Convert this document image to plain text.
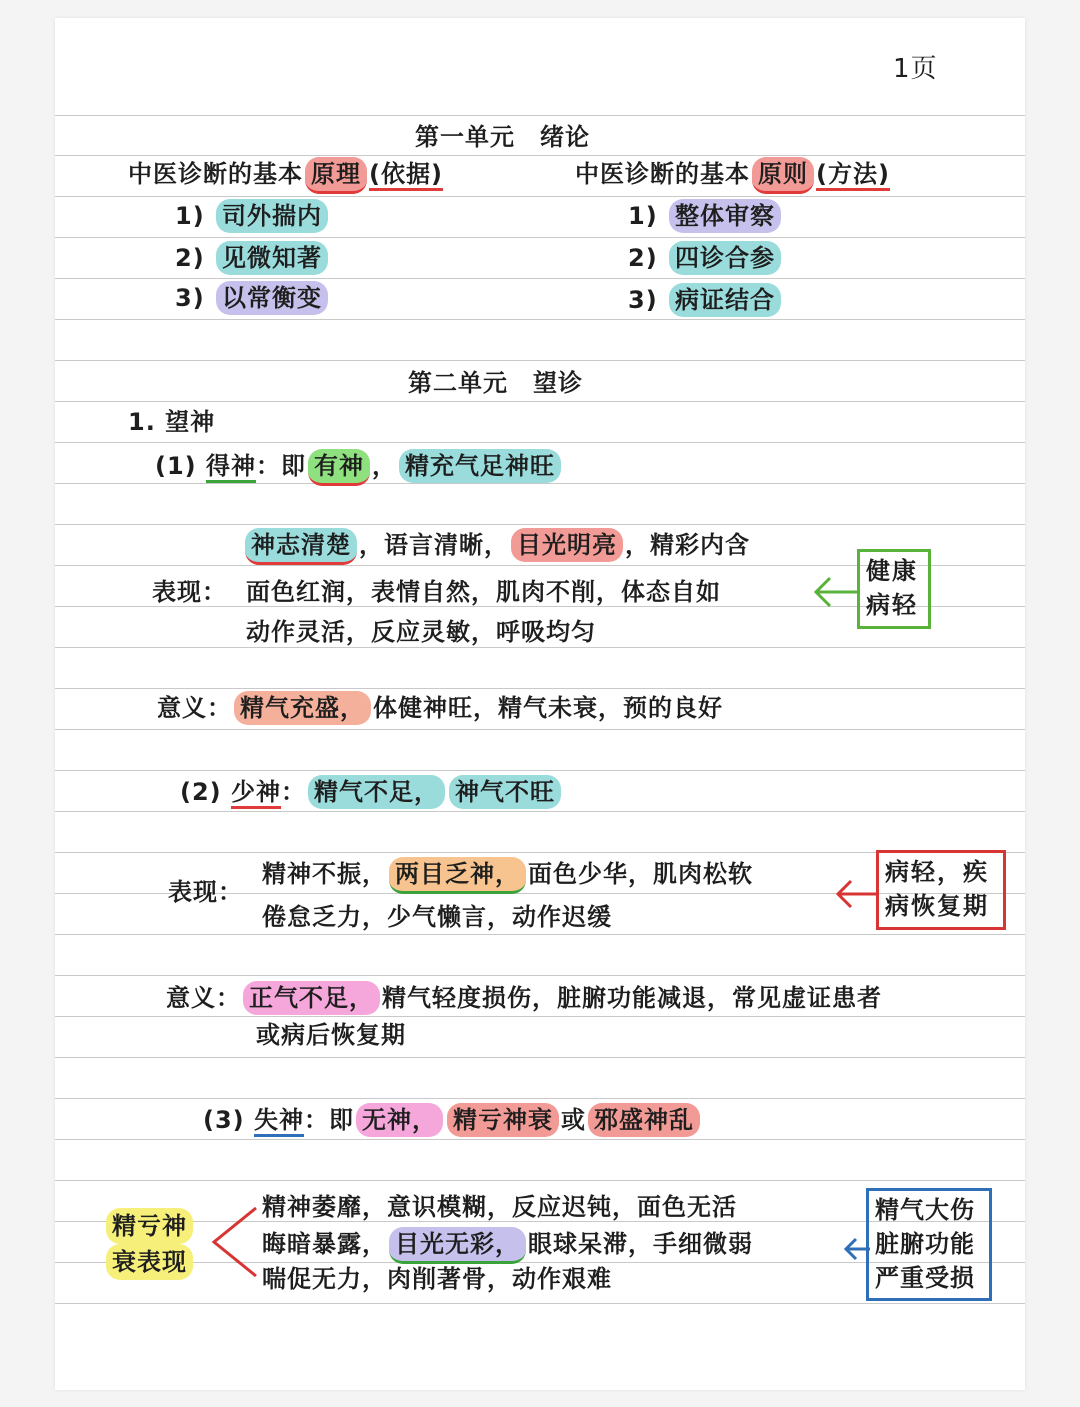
1页
第一单元　绪论
中医诊断的基本 原理 (依据)	中医诊断的基本 原则 (方法)
1) 司外揣内
2) 见微知著
3) 以常衡变
1) 整体审察
2) 四诊合参
3) 病证结合
第二单元　望诊
1. 望神
(1) 得神：即 有神 ， 精充气足神旺
神志清楚 ，语言清晰， 目光明亮 ，精彩内含
表现： 面色红润，表情自然，肌肉不削，体态自如
动作灵活，反应灵敏，呼吸均匀
健康
病轻
意义： 精气充盛， 体健神旺，精气未衰，预的良好
(2) 少神： 精气不足， 神气不旺
精神不振， 两目乏神， 面色少华，肌肉松软
表现：
倦怠乏力，少气懒言，动作迟缓
病轻，疾
病恢复期
意义： 正气不足， 精气轻度损伤，脏腑功能减退，常见虚证患者
或病后恢复期
(3) 失神：即 无神， 精亏神衰 或 邪盛神乱
精亏神
衰表现
精神萎靡，意识模糊，反应迟钝，面色无活
晦暗暴露， 目光无彩， 眼球呆滞，手细微弱
喘促无力，肉削著骨，动作艰难
精气大伤
脏腑功能
严重受损
